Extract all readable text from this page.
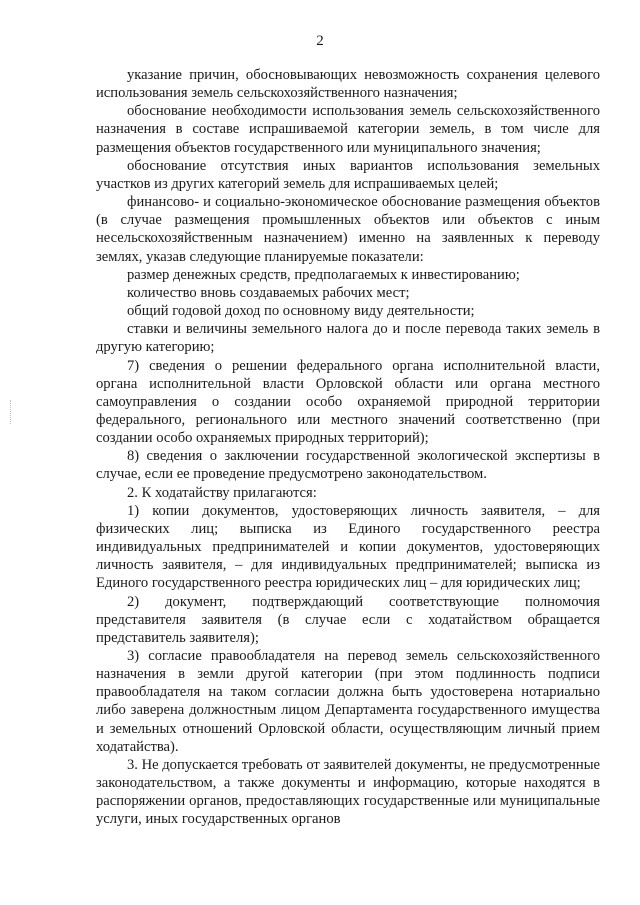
2

указание причин, обосновывающих невозможность сохранения целевого использования земель сельскохозяйственного назначения;

обоснование необходимости использования земель сельскохозяйственного назначения в составе испрашиваемой категории земель, в том числе для размещения объектов государственного или муниципального значения;

обоснование отсутствия иных вариантов использования земельных участков из других категорий земель для испрашиваемых целей;

финансово- и социально-экономическое обоснование размещения объектов (в случае размещения промышленных объектов или объектов с иным несельскохозяйственным назначением) именно на заявленных к переводу землях, указав следующие планируемые показатели:

размер денежных средств, предполагаемых к инвестированию;

количество вновь создаваемых рабочих мест;

общий годовой доход по основному виду деятельности;

ставки и величины земельного налога до и после перевода таких земель в другую категорию;

7) сведения о решении федерального органа исполнительной власти, органа исполнительной власти Орловской области или органа местного самоуправления о создании особо охраняемой природной территории федерального, регионального или местного значений соответственно (при создании особо охраняемых природных территорий);

8) сведения о заключении государственной экологической экспертизы в случае, если ее проведение предусмотрено законодательством.

2. К ходатайству прилагаются:

1) копии документов, удостоверяющих личность заявителя, – для физических лиц; выписка из Единого государственного реестра индивидуальных предпринимателей и копии документов, удостоверяющих личность заявителя, – для индивидуальных предпринимателей; выписка из Единого государственного реестра юридических лиц – для юридических лиц;

2) документ, подтверждающий соответствующие полномочия представителя заявителя (в случае если с ходатайством обращается представитель заявителя);

3) согласие правообладателя на перевод земель сельскохозяйственного назначения в земли другой категории (при этом подлинность подписи правообладателя на таком согласии должна быть удостоверена нотариально либо заверена должностным лицом Департамента государственного имущества и земельных отношений Орловской области, осуществляющим личный прием ходатайства).

3. Не допускается требовать от заявителей документы, не предусмотренные законодательством, а также документы и информацию, которые находятся в распоряжении органов, предоставляющих государственные или муниципальные услуги, иных государственных органов
